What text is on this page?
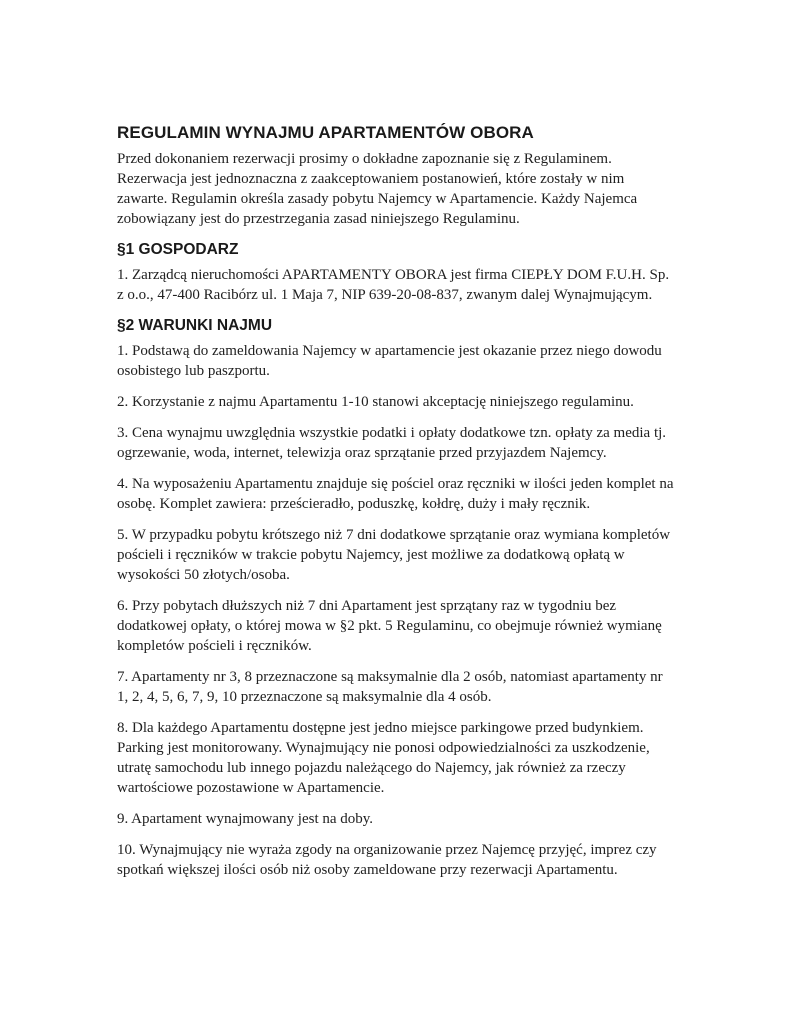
REGULAMIN WYNAJMU APARTAMENTÓW OBORA

Przed dokonaniem rezerwacji prosimy o dokładne zapoznanie się z Regulaminem. Rezerwacja jest jednoznaczna z zaakceptowaniem postanowień, które zostały w nim zawarte. Regulamin określa zasady pobytu Najemcy w Apartamencie. Każdy Najemca zobowiązany jest do przestrzegania zasad niniejszego Regulaminu.

§1 GOSPODARZ

1. Zarządcą nieruchomości APARTAMENTY OBORA jest firma CIEPŁY DOM F.U.H. Sp. z o.o., 47-400 Racibórz ul. 1 Maja 7, NIP 639-20-08-837, zwanym dalej Wynajmującym.

§2 WARUNKI NAJMU

1. Podstawą do zameldowania Najemcy w apartamencie jest okazanie przez niego dowodu osobistego lub paszportu.

2. Korzystanie z najmu Apartamentu 1-10 stanowi akceptację niniejszego regulaminu.

3. Cena wynajmu uwzględnia wszystkie podatki i opłaty dodatkowe tzn. opłaty za media tj. ogrzewanie, woda, internet, telewizja oraz sprzątanie przed przyjazdem Najemcy.

4. Na wyposażeniu Apartamentu znajduje się pościel oraz ręczniki w ilości jeden komplet na osobę. Komplet zawiera: prześcieradło, poduszkę, kołdrę, duży i mały ręcznik.

5. W przypadku pobytu krótszego niż 7 dni dodatkowe sprzątanie oraz wymiana kompletów pościeli i ręczników w trakcie pobytu Najemcy, jest możliwe za dodatkową opłatą w wysokości 50 złotych/osoba.

6. Przy pobytach dłuższych niż 7 dni Apartament jest sprzątany raz w tygodniu bez dodatkowej opłaty, o której mowa w §2 pkt. 5 Regulaminu, co obejmuje również wymianę kompletów pościeli i ręczników.

7. Apartamenty nr 3, 8 przeznaczone są maksymalnie dla 2 osób, natomiast apartamenty nr 1, 2, 4, 5, 6, 7, 9, 10 przeznaczone są maksymalnie dla 4 osób.

8. Dla każdego Apartamentu dostępne jest jedno miejsce parkingowe przed budynkiem. Parking jest monitorowany. Wynajmujący nie ponosi odpowiedzialności za uszkodzenie, utratę samochodu lub innego pojazdu należącego do Najemcy, jak również za rzeczy wartościowe pozostawione w Apartamencie.

9. Apartament wynajmowany jest na doby.

10. Wynajmujący nie wyraża zgody na organizowanie przez Najemcę przyjęć, imprez czy spotkań większej ilości osób niż osoby zameldowane przy rezerwacji Apartamentu.
